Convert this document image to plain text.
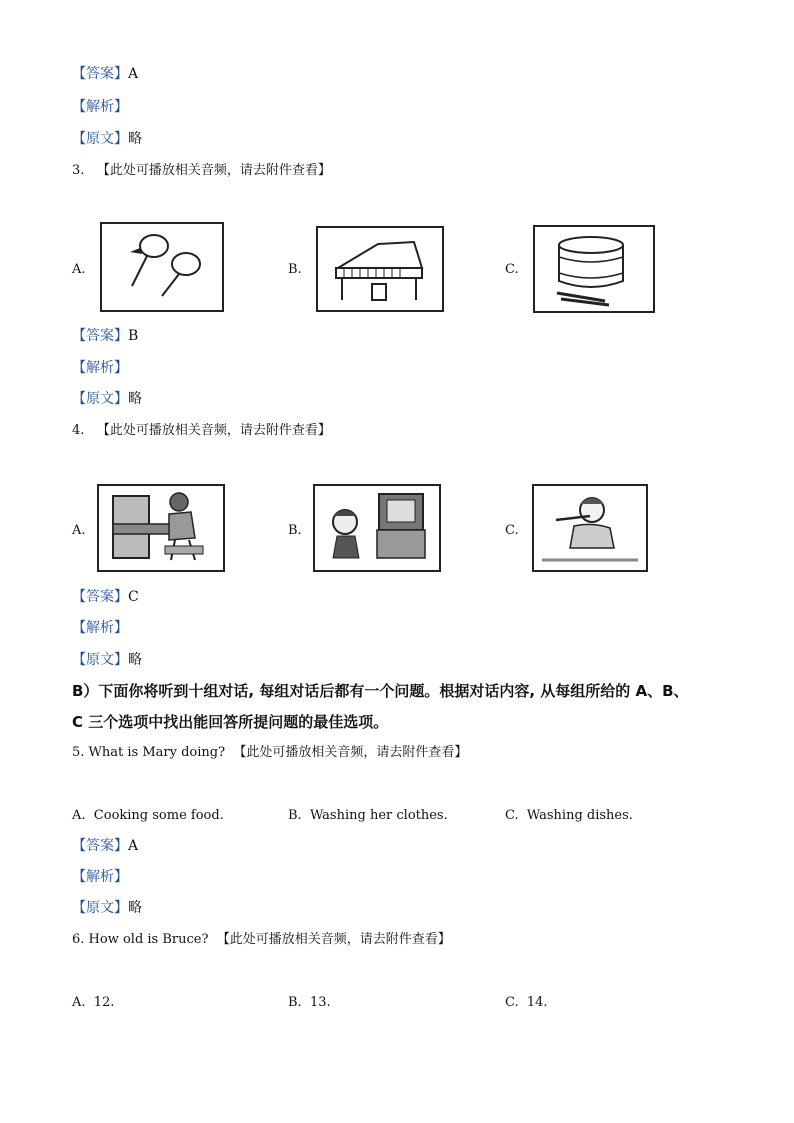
【答案】A
【解析】
【原文】略
3. 【此处可播放相关音频，请去附件查看】
A.	B.	C.
【答案】B
【解析】
【原文】略
4. 【此处可播放相关音频，请去附件查看】
A.	B.	C.
【答案】C
【解析】
【原文】略
B）下面你将听到十组对话, 每组对话后都有一个问题。根据对话内容, 从每组所给的 A、B、
C 三个选项中找出能回答所提问题的最佳选项。
5. What is Mary doing? 【此处可播放相关音频，请去附件查看】
A. Cooking some food.	B. Washing her clothes.	C. Washing dishes.
【答案】A
【解析】
【原文】略
6. How old is Bruce? 【此处可播放相关音频，请去附件查看】
A. 12.	B. 13.	C. 14.
